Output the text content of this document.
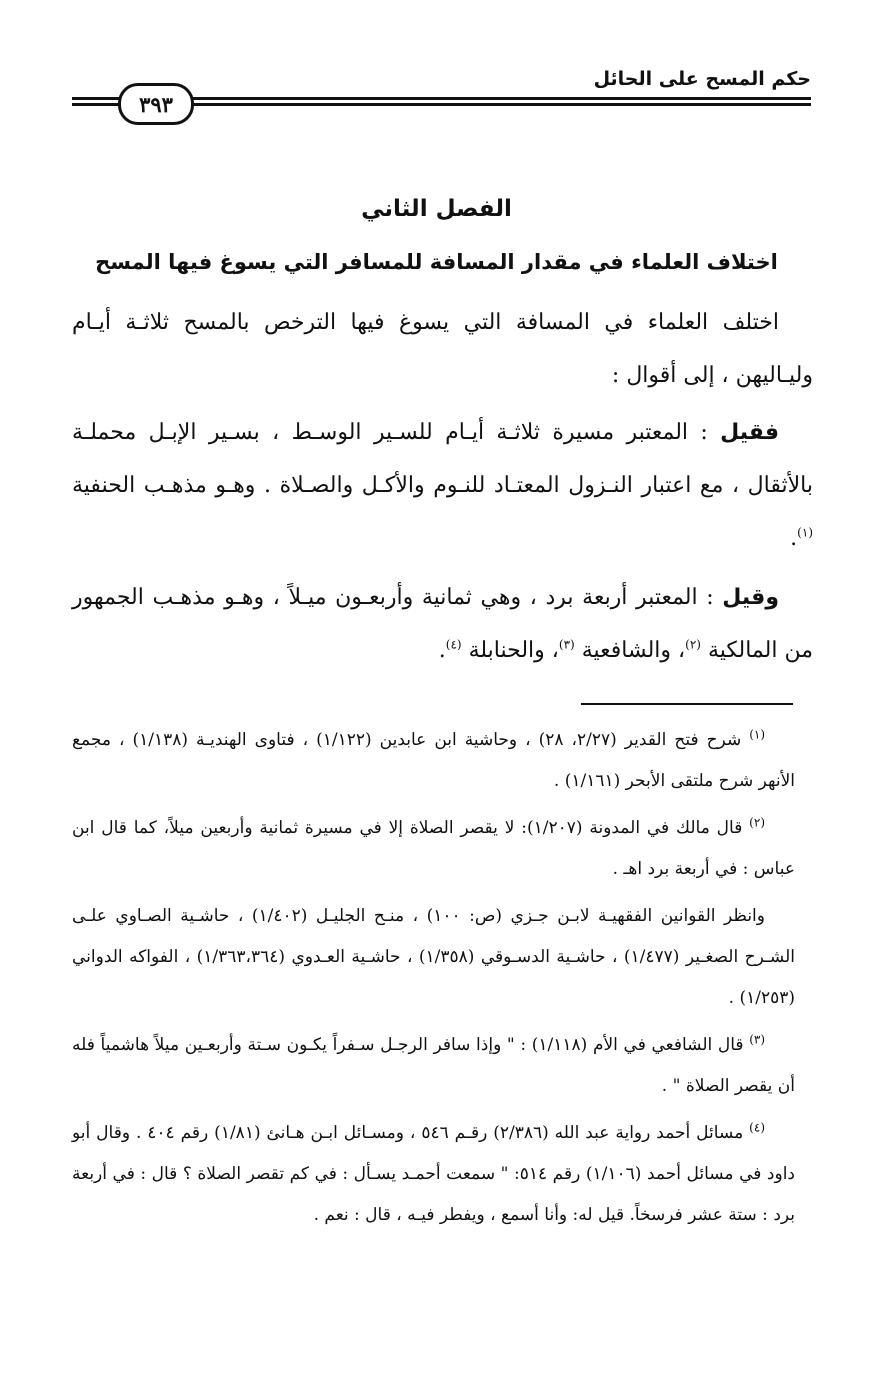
حكم المسح على الحائل
٣٩٣
الفصل الثاني
اختلاف العلماء في مقدار المسافة للمسافر التي يسوغ فيها المسح
اختلف العلماء في المسافة التي يسوغ فيها الترخص بالمسح ثلاثـة أيـام وليـاليهن ، إلى أقوال :
فقيل : المعتبر مسيرة ثلاثـة أيـام للسـير الوسـط ، بسـير الإبـل محملـة بالأثقال ، مع اعتبار النـزول المعتـاد للنـوم والأكـل والصـلاة . وهـو مذهـب الحنفية $^{(١)}$.
وقيل : المعتبر أربعة برد ، وهي ثمانية وأربعـون ميـلاً ، وهـو مذهـب الجمهور من المالكية $^{(٢)}$، والشافعية $^{(٣)}$، والحنابلة $^{(٤)}$.

$^{(١)}$ شرح فتح القدير (٢/٢٧، ٢٨) ، وحاشية ابن عابدين (١/١٢٢) ، فتاوى الهنديـة (١/١٣٨) ، مجمع الأنهر شرح ملتقى الأبحر (١/١٦١) .

$^{(٢)}$ قال مالك في المدونة (١/٢٠٧): لا يقصر الصلاة إلا في مسيرة ثمانية وأربعين ميلاً، كما قال ابن عباس : في أربعة برد اهـ .

وانظر القوانين الفقهيـة لابـن جـزي (ص: ١٠٠) ، منـح الجليـل (١/٤٠٢) ، حاشـية الصـاوي علـى الشـرح الصغـير (١/٤٧٧) ، حاشـية الدسـوقي (١/٣٥٨) ، حاشـية العـدوي (١/٣٦٣،٣٦٤) ، الفواكه الدواني (١/٢٥٣) .

$^{(٣)}$ قال الشافعي في الأم (١/١١٨) : " وإذا سافر الرجـل سـفراً يكـون سـتة وأربعـين ميلاً هاشمياً فله أن يقصر الصلاة " .

$^{(٤)}$ مسائل أحمد رواية عبد الله (٢/٣٨٦) رقـم ٥٤٦ ، ومسـائل ابـن هـانئ (١/٨١) رقم ٤٠٤ . وقال أبو داود في مسائل أحمد (١/١٠٦) رقم ٥١٤: " سمعت أحمـد يسـأل : في كم تقصر الصلاة ؟ قال : في أربعة برد : ستة عشر فرسخاً. قيل له: وأنا أسمع ، ويفطر فيـه ، قال : نعم .
